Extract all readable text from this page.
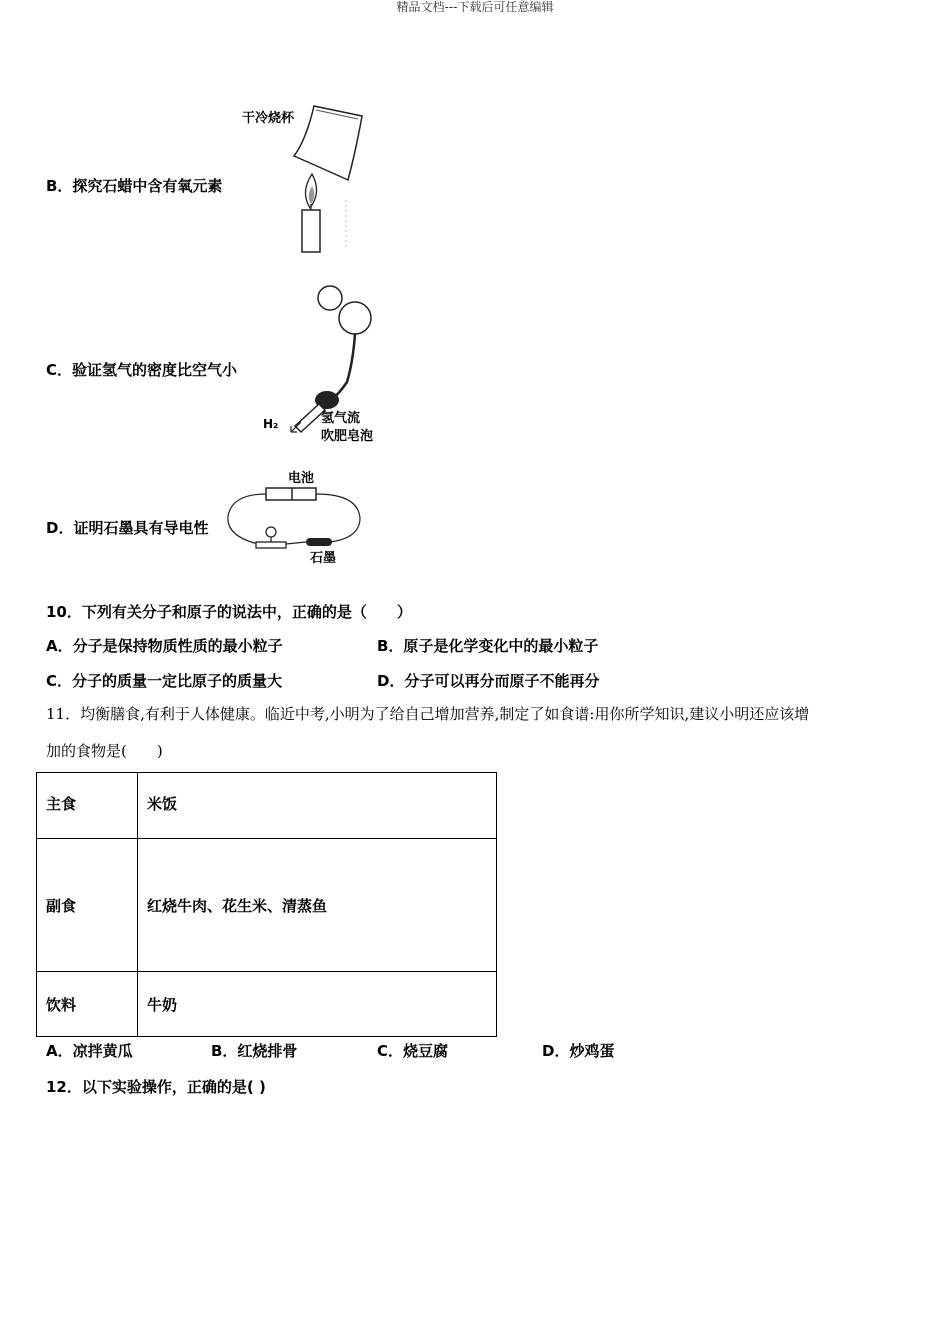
精品文档---下载后可任意编辑
B．探究石蜡中含有氧元素
干冷烧杯
C．验证氢气的密度比空气小
H₂	氢气流
吹肥皂泡
D．证明石墨具有导电性
电池
石墨
10．下列有关分子和原子的说法中，正确的是（　　）
A．分子是保持物质性质的最小粒子	B．原子是化学变化中的最小粒子
C．分子的质量一定比原子的质量大	D．分子可以再分而原子不能再分
11．均衡膳食,有利于人体健康。临近中考,小明为了给自己增加营养,制定了如食谱:用你所学知识,建议小明还应该增
加的食物是(　　)
主食	米饭
副食	红烧牛肉、花生米、清蒸鱼
饮料	牛奶
A．凉拌黄瓜	B．红烧排骨	C．烧豆腐	D．炒鸡蛋
12．以下实验操作，正确的是( )
